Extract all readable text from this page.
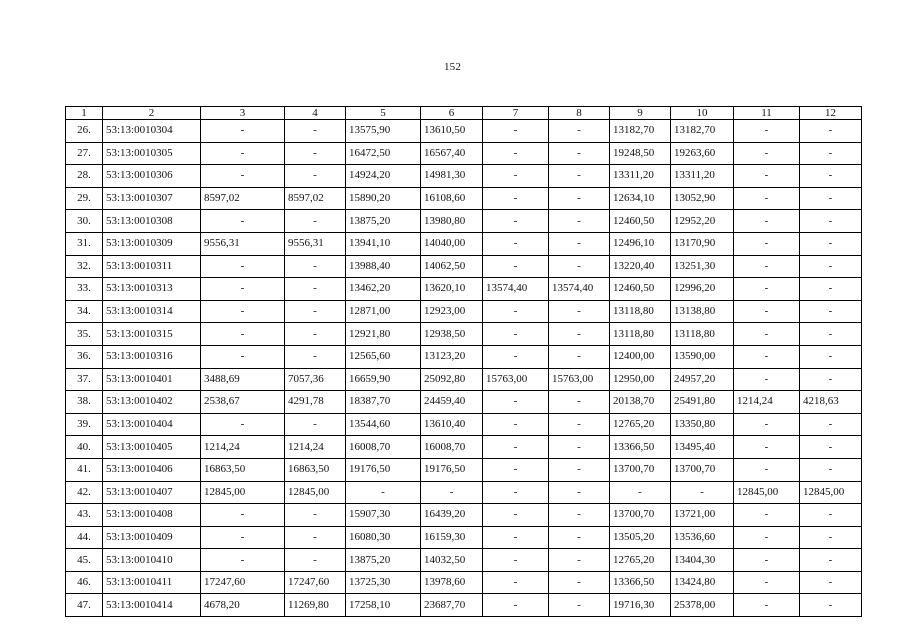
152
1	2	3	4	5	6	7	8	9	10	11	12
26.	53:13:0010304	-	-	13575,90	13610,50	-	-	13182,70	13182,70	-	-
27.	53:13:0010305	-	-	16472,50	16567,40	-	-	19248,50	19263,60	-	-
28.	53:13:0010306	-	-	14924,20	14981,30	-	-	13311,20	13311,20	-	-
29.	53:13:0010307	8597,02	8597,02	15890,20	16108,60	-	-	12634,10	13052,90	-	-
30.	53:13:0010308	-	-	13875,20	13980,80	-	-	12460,50	12952,20	-	-
31.	53:13:0010309	9556,31	9556,31	13941,10	14040,00	-	-	12496,10	13170,90	-	-
32.	53:13:0010311	-	-	13988,40	14062,50	-	-	13220,40	13251,30	-	-
33.	53:13:0010313	-	-	13462,20	13620,10	13574,40	13574,40	12460,50	12996,20	-	-
34.	53:13:0010314	-	-	12871,00	12923,00	-	-	13118,80	13138,80	-	-
35.	53:13:0010315	-	-	12921,80	12938,50	-	-	13118,80	13118,80	-	-
36.	53:13:0010316	-	-	12565,60	13123,20	-	-	12400,00	13590,00	-	-
37.	53:13:0010401	3488,69	7057,36	16659,90	25092,80	15763,00	15763,00	12950,00	24957,20	-	-
38.	53:13:0010402	2538,67	4291,78	18387,70	24459,40	-	-	20138,70	25491,80	1214,24	4218,63
39.	53:13:0010404	-	-	13544,60	13610,40	-	-	12765,20	13350,80	-	-
40.	53:13:0010405	1214,24	1214,24	16008,70	16008,70	-	-	13366,50	13495,40	-	-
41.	53:13:0010406	16863,50	16863,50	19176,50	19176,50	-	-	13700,70	13700,70	-	-
42.	53:13:0010407	12845,00	12845,00	-	-	-	-	-	-	12845,00	12845,00
43.	53:13:0010408	-	-	15907,30	16439,20	-	-	13700,70	13721,00	-	-
44.	53:13:0010409	-	-	16080,30	16159,30	-	-	13505,20	13536,60	-	-
45.	53:13:0010410	-	-	13875,20	14032,50	-	-	12765,20	13404,30	-	-
46.	53:13:0010411	17247,60	17247,60	13725,30	13978,60	-	-	13366,50	13424,80	-	-
47.	53:13:0010414	4678,20	11269,80	17258,10	23687,70	-	-	19716,30	25378,00	-	-
